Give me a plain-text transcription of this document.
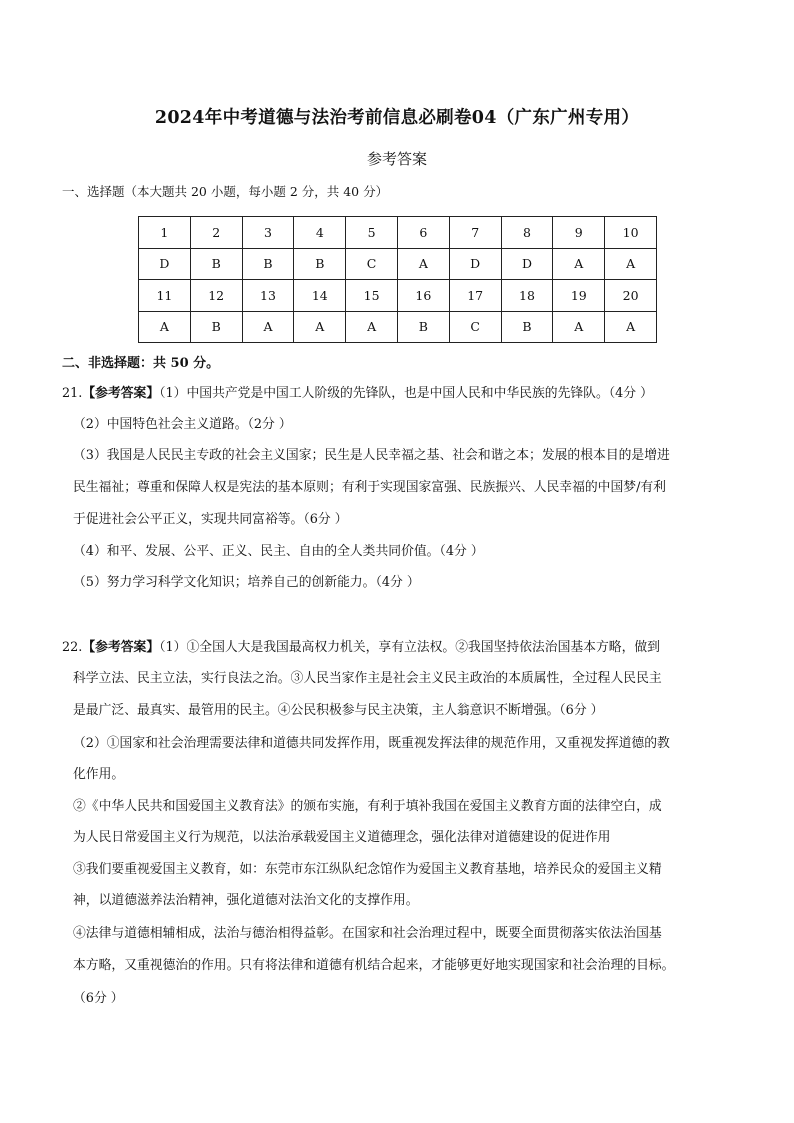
2024年中考道德与法治考前信息必刷卷04（广东广州专用）
参考答案
一、选择题（本大题共 20 小题，每小题 2 分，共 40 分）
1	2	3	4	5	6	7	8	9	10
D	B	B	B	C	A	D	D	A	A
11	12	13	14	15	16	17	18	19	20
A	B	A	A	A	B	C	B	A	A
二、非选择题：共 50 分。
21.【参考答案】（1）中国共产党是中国工人阶级的先锋队，也是中国人民和中华民族的先锋队。（4分 ）
（2）中国特色社会主义道路。（2分 ）
（3）我国是人民民主专政的社会主义国家；民生是人民幸福之基、社会和谐之本；发展的根本目的是增进
民生福祉；尊重和保障人权是宪法的基本原则；有利于实现国家富强、民族振兴、人民幸福的中国梦/有利
于促进社会公平正义，实现共同富裕等。（6分 ）
（4）和平、发展、公平、正义、民主、自由的全人类共同价值。（4分 ）
（5）努力学习科学文化知识；培养自己的创新能力。（4分 ）
22.【参考答案】（1）①全国人大是我国最高权力机关，享有立法权。②我国坚持依法治国基本方略，做到
科学立法、民主立法，实行良法之治。③人民当家作主是社会主义民主政治的本质属性，全过程人民民主
是最广泛、最真实、最管用的民主。④公民积极参与民主决策，主人翁意识不断增强。（6分 ）
（2）①国家和社会治理需要法律和道德共同发挥作用，既重视发挥法律的规范作用，又重视发挥道德的教
化作用。
②《中华人民共和国爱国主义教育法》的颁布实施，有利于填补我国在爱国主义教育方面的法律空白，成
为人民日常爱国主义行为规范，以法治承载爱国主义道德理念，强化法律对道德建设的促进作用
③我们要重视爱国主义教育，如：东莞市东江纵队纪念馆作为爱国主义教育基地，培养民众的爱国主义精
神，以道德滋养法治精神，强化道德对法治文化的支撑作用。
④法律与道德相辅相成，法治与德治相得益彰。在国家和社会治理过程中，既要全面贯彻落实依法治国基
本方略，又重视德治的作用。只有将法律和道德有机结合起来，才能够更好地实现国家和社会治理的目标。
（6分 ）
